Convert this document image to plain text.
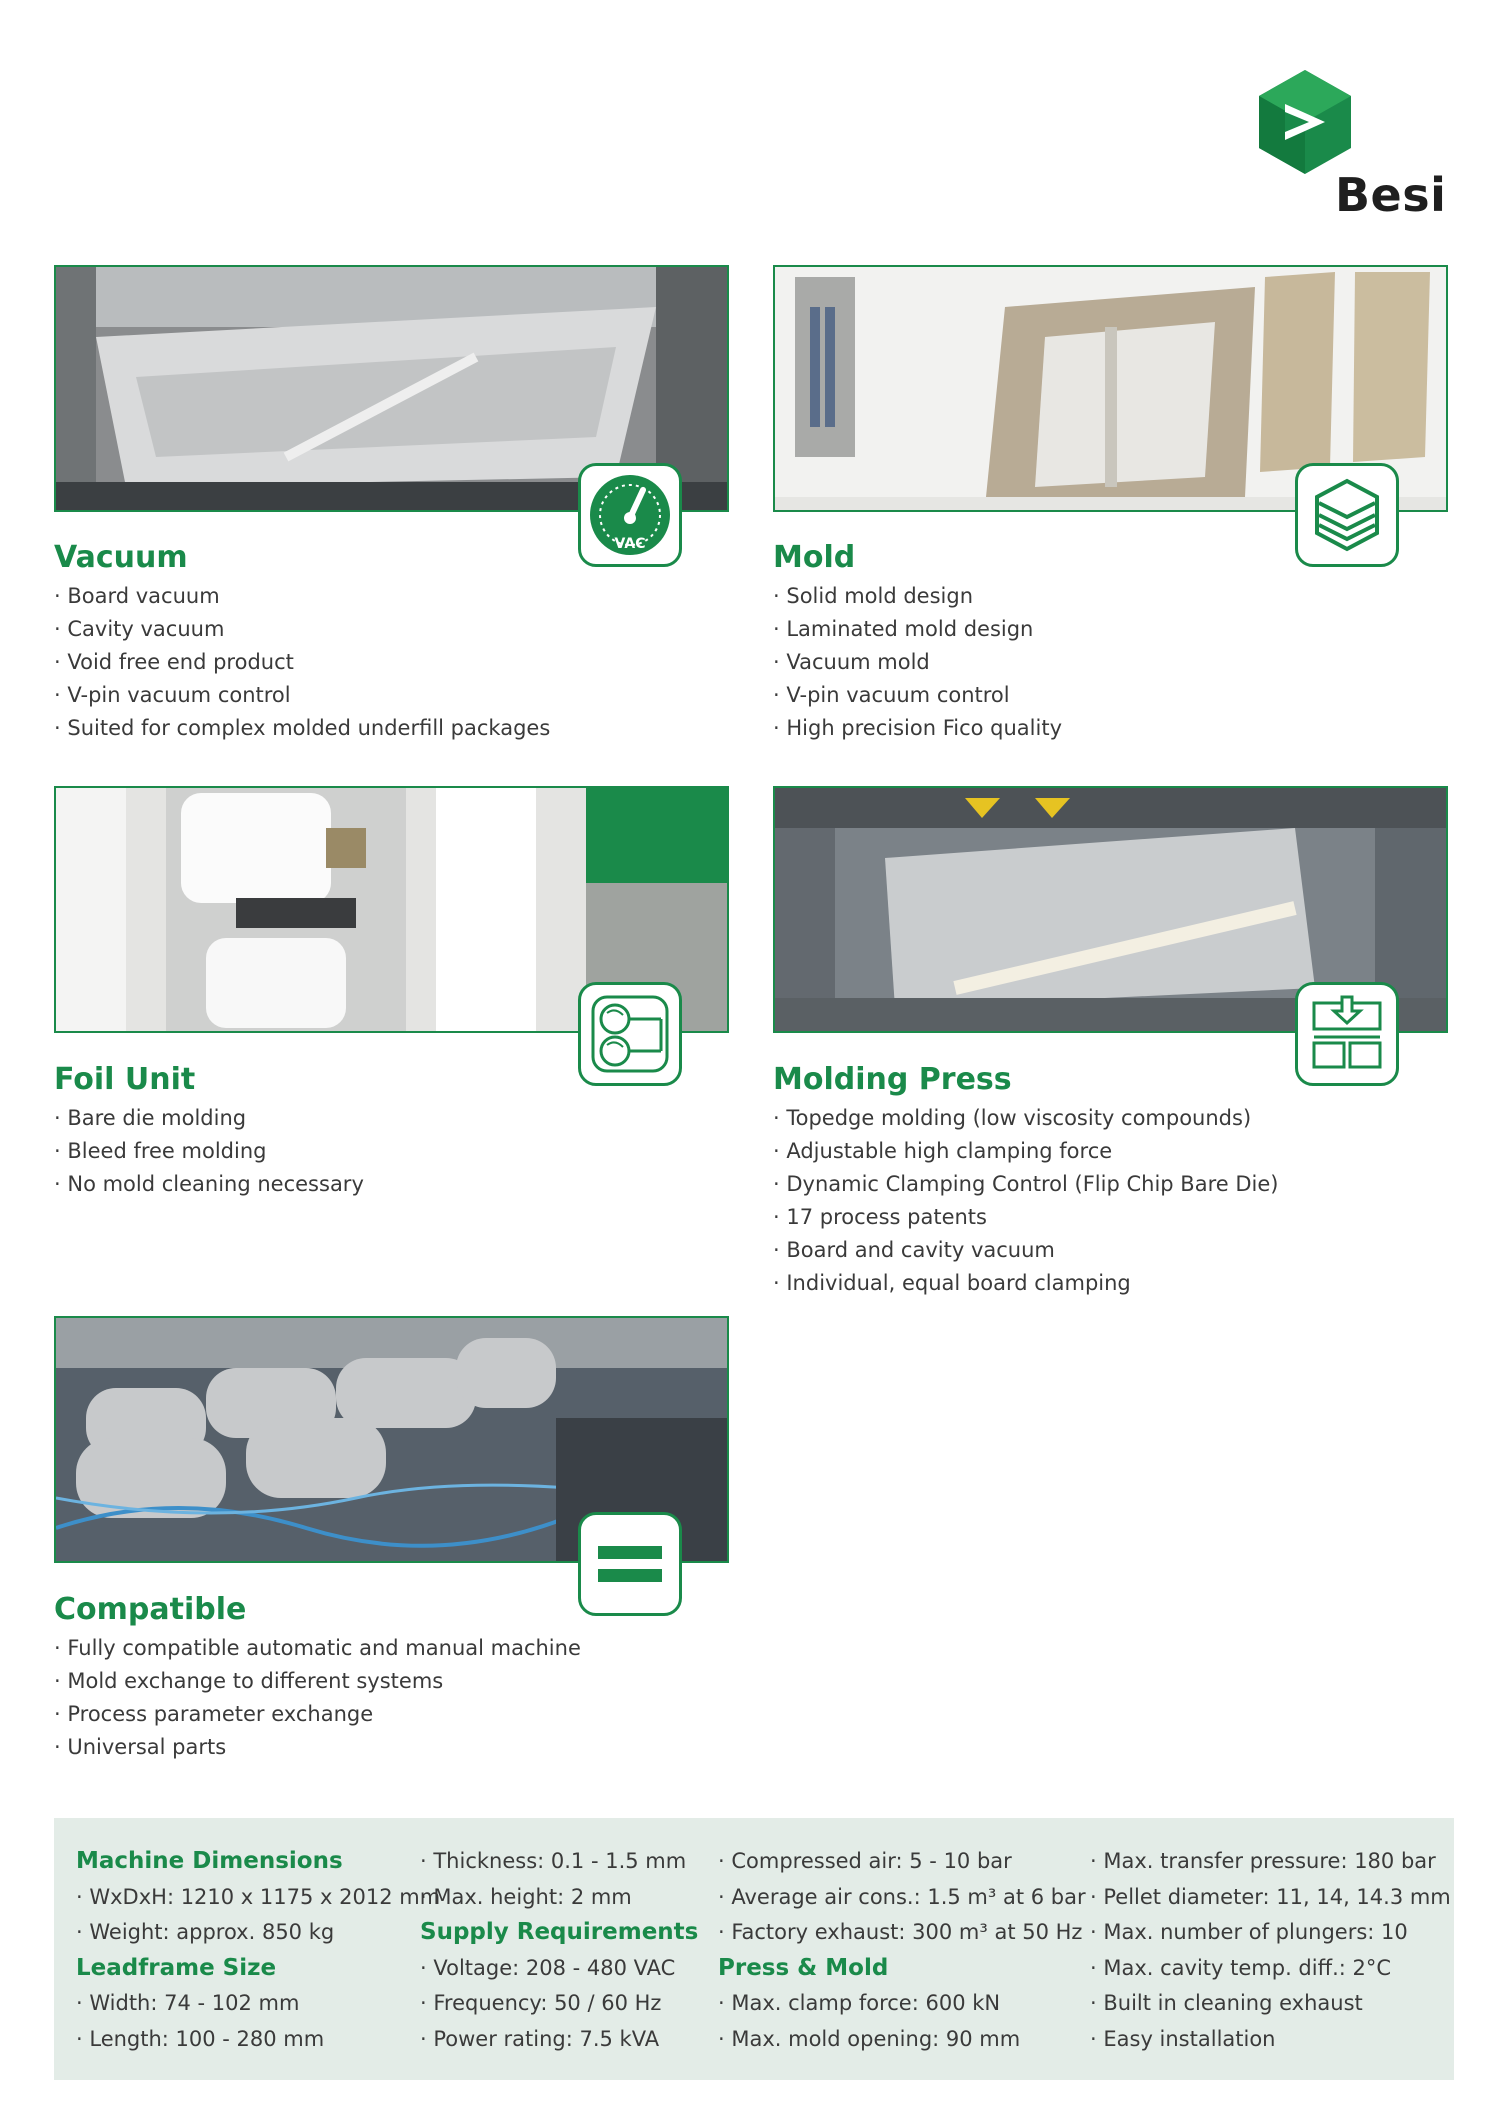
Besi
VAC
Vacuum
· Board vacuum
· Cavity vacuum
· Void free end product
· V-pin vacuum control
· Suited for complex molded underfill packages
Mold
· Solid mold design
· Laminated mold design
· Vacuum mold
· V-pin vacuum control
· High precision Fico quality
Foil Unit
· Bare die molding
· Bleed free molding
· No mold cleaning necessary
Molding Press
· Topedge molding (low viscosity compounds)
· Adjustable high clamping force
· Dynamic Clamping Control (Flip Chip Bare Die)
· 17 process patents
· Board and cavity vacuum
· Individual, equal board clamping
Compatible
· Fully compatible automatic and manual machine
· Mold exchange to different systems
· Process parameter exchange
· Universal parts
Machine Dimensions
· WxDxH: 1210 x 1175 x 2012 mm
· Weight: approx. 850 kg
Leadframe Size
· Width: 74 - 102 mm
· Length: 100 - 280 mm
· Thickness: 0.1 - 1.5 mm
· Max. height: 2 mm
Supply Requirements
· Voltage: 208 - 480 VAC
· Frequency: 50 / 60 Hz
· Power rating: 7.5 kVA
· Compressed air: 5 - 10 bar
· Average air cons.: 1.5 m³ at 6 bar
· Factory exhaust: 300 m³ at 50 Hz
Press & Mold
· Max. clamp force: 600 kN
· Max. mold opening: 90 mm
· Max. transfer pressure: 180 bar
· Pellet diameter: 11, 14, 14.3 mm
· Max. number of plungers: 10
· Max. cavity temp. diff.: 2°C
· Built in cleaning exhaust
· Easy installation
